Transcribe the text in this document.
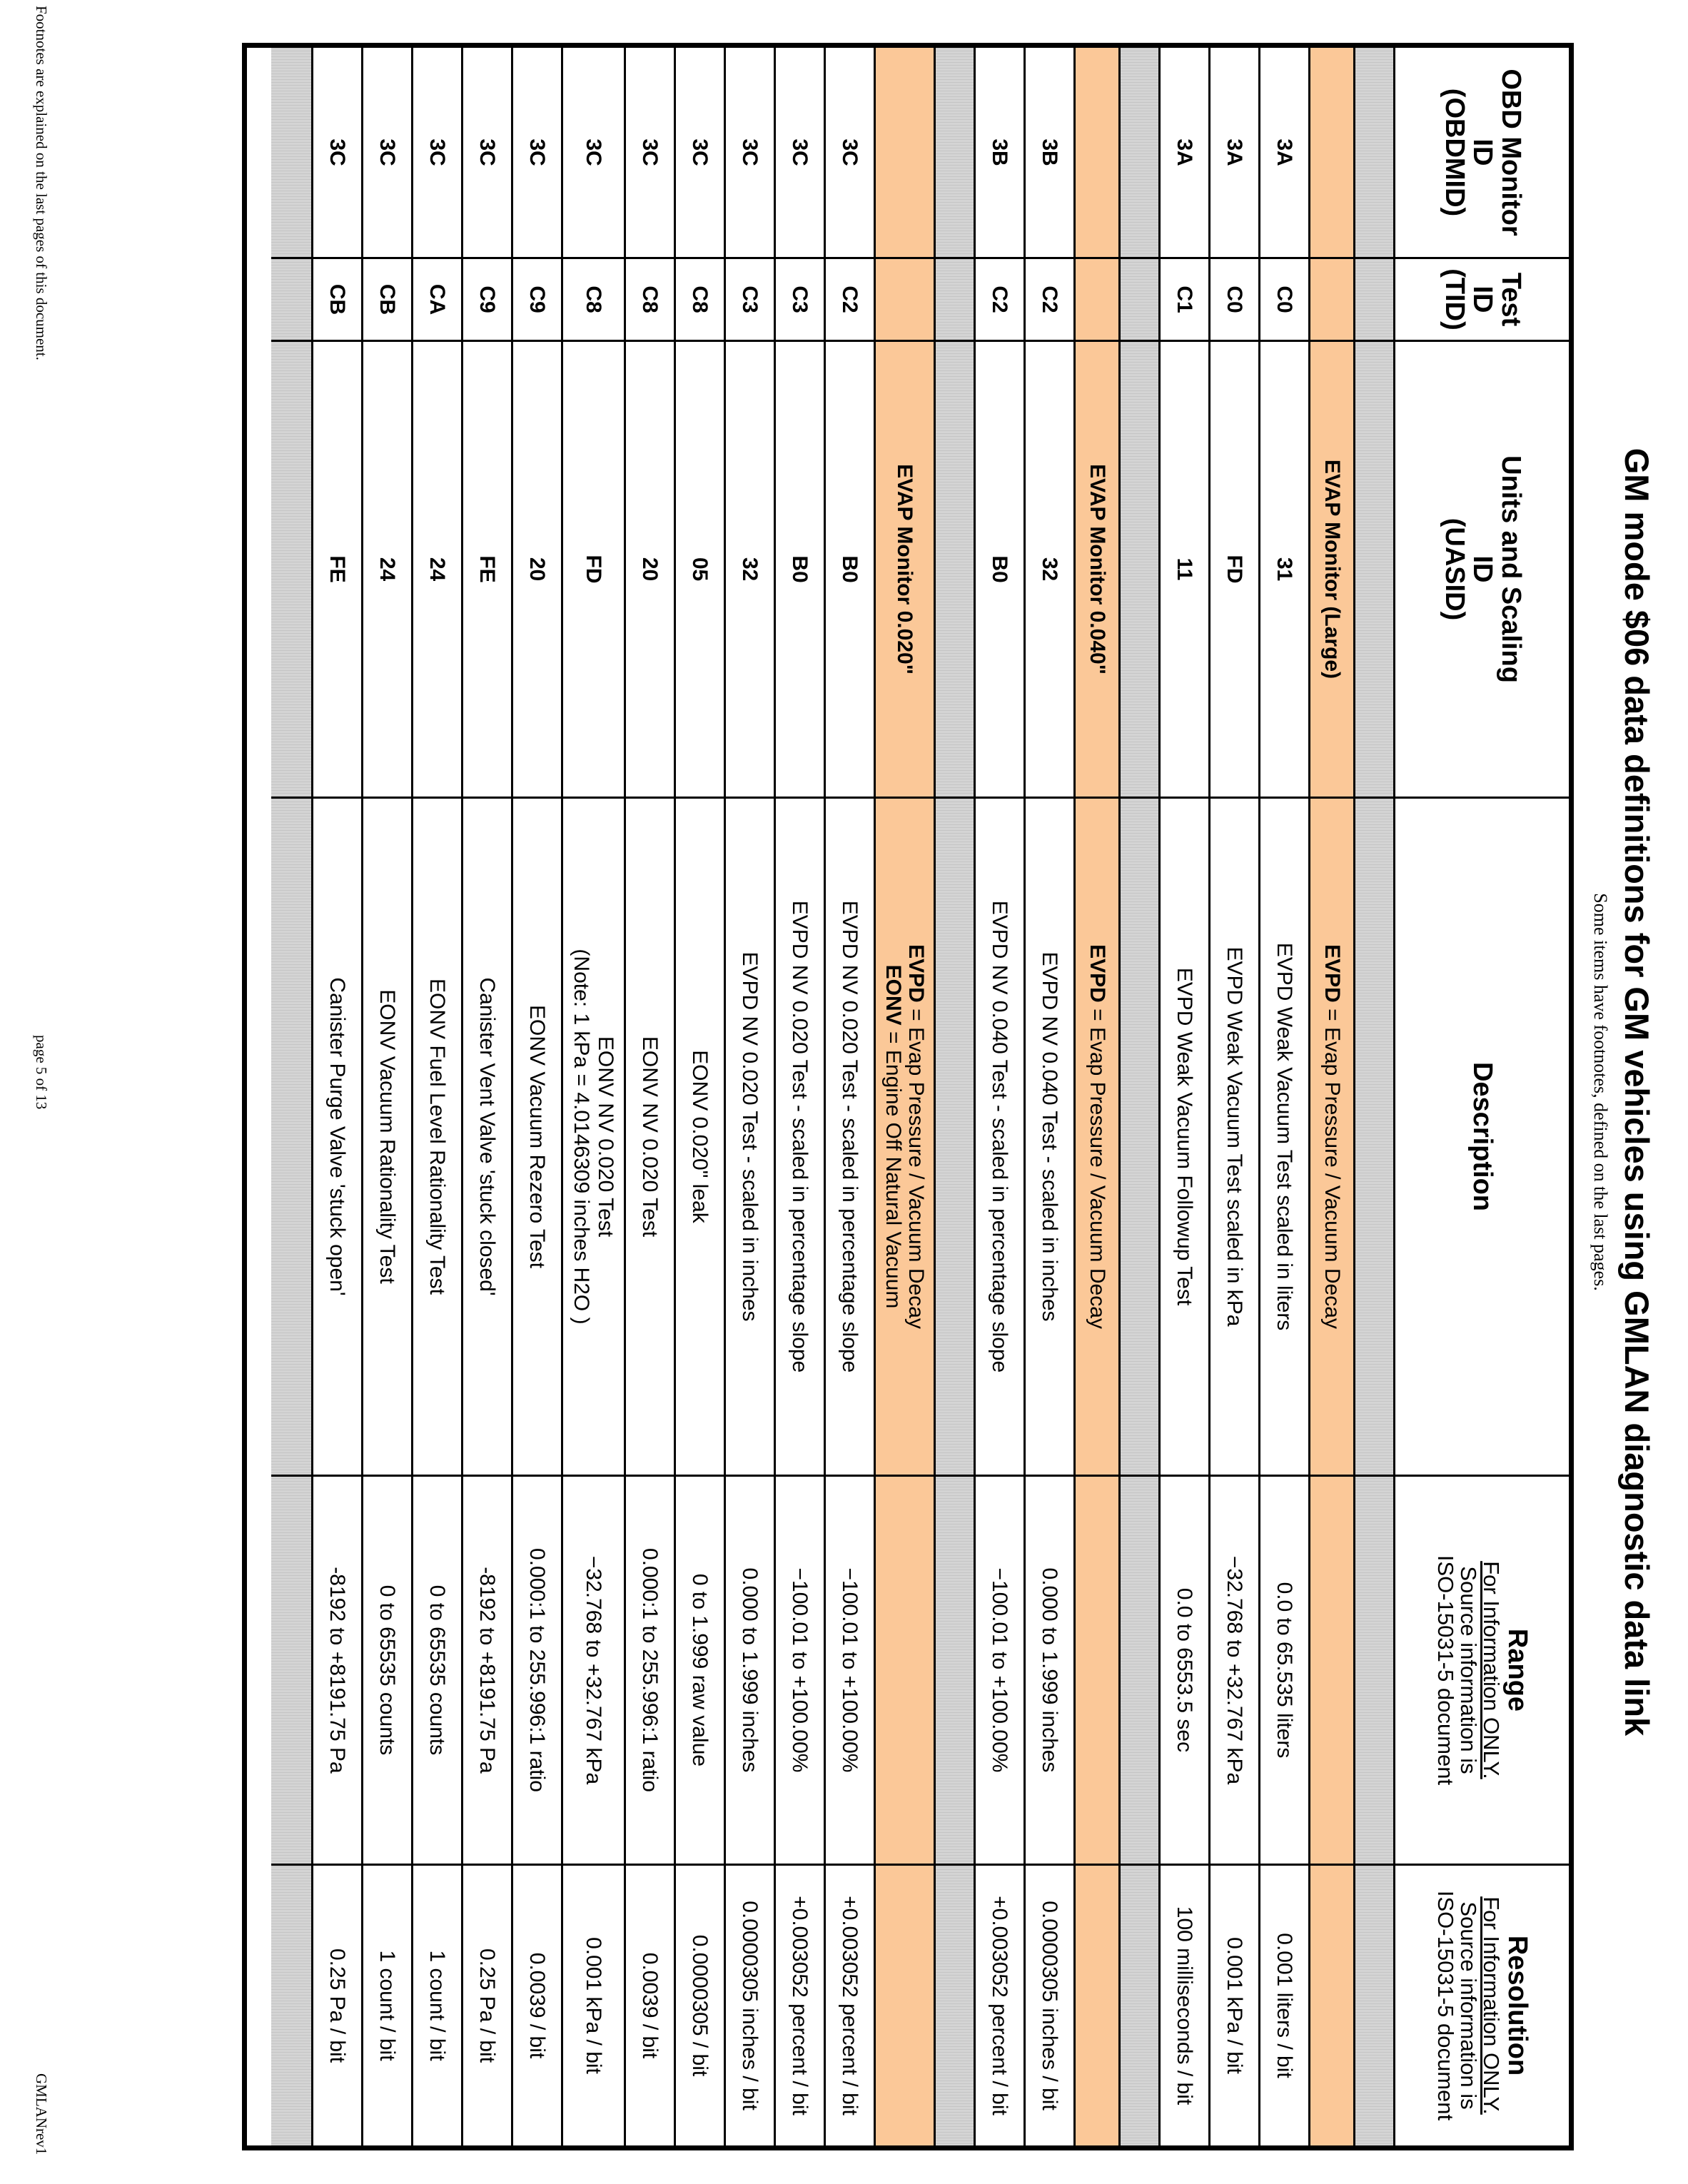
GM mode $06 data definitions for GM vehicles using GMLAN diagnostic data link
Some items have footnotes, defined on the last pages.
OBD Monitor
ID
(OBDMID)
Test
ID
(TID)
Units and Scaling
ID
(UASID)
Description
Range
For Information ONLY.
Source information is
ISO-15031-5 document
Resolution
For Information ONLY.
Source information is
ISO-15031-5 document
EVAP Monitor (Large)
EVPD = Evap Pressure / Vacuum Decay
3A
C0
31
EVPD Weak Vacuum Test scaled in liters
0.0 to 65.535 liters
0.001 liters / bit
3A
C0
FD
EVPD Weak Vacuum Test scaled in kPa
−32.768 to +32.767 kPa
0.001 kPa / bit
3A
C1
11
EVPD Weak Vacuum Followup Test
0.0 to 6553.5 sec
100 milliseconds / bit
EVAP Monitor 0.040"
EVPD = Evap Pressure / Vacuum Decay
3B
C2
32
EVPD NV 0.040 Test - scaled in inches
0.000 to 1.999 inches
0.0000305 inches / bit
3B
C2
B0
EVPD NV 0.040 Test - scaled in percentage slope
−100.01 to +100.00%
+0.003052 percent / bit
EVAP Monitor 0.020"
EVPD = Evap Pressure / Vacuum Decay
EONV = Engine Off Natural Vacuum
3C
C2
B0
EVPD NV 0.020 Test - scaled in percentage slope
−100.01 to +100.00%
+0.003052 percent / bit
3C
C3
B0
EVPD NV 0.020 Test - scaled in percentage slope
−100.01 to +100.00%
+0.003052 percent / bit
3C
C3
32
EVPD NV 0.020 Test - scaled in inches
0.000 to 1.999 inches
0.0000305 inches / bit
3C
C8
05
EONV 0.020" leak
0 to 1.999 raw value
0.0000305 / bit
3C
C8
20
EONV NV 0.020 Test
0.000:1 to 255.996:1 ratio
0.0039 / bit
3C
C8
FD
EONV NV 0.020 Test
(Note: 1 kPa = 4.0146309 inches H2O )
−32.768 to +32.767 kPa
0.001 kPa / bit
3C
C9
20
EONV Vacuum Rezero Test
0.000:1 to 255.996:1 ratio
0.0039 / bit
3C
C9
FE
Canister Vent Valve 'stuck closed'
-8192 to +8191.75 Pa
0.25 Pa / bit
3C
CA
24
EONV Fuel Level Rationality Test
0 to 65535 counts
1 count / bit
3C
CB
24
EONV Vacuum Rationality Test
0 to 65535 counts
1 count / bit
3C
CB
FE
Canister Purge Valve 'stuck open'
-8192 to +8191.75 Pa
0.25 Pa / bit
Footnotes are explained on the last pages of this document.
page 5 of 13
GMLANrev1
